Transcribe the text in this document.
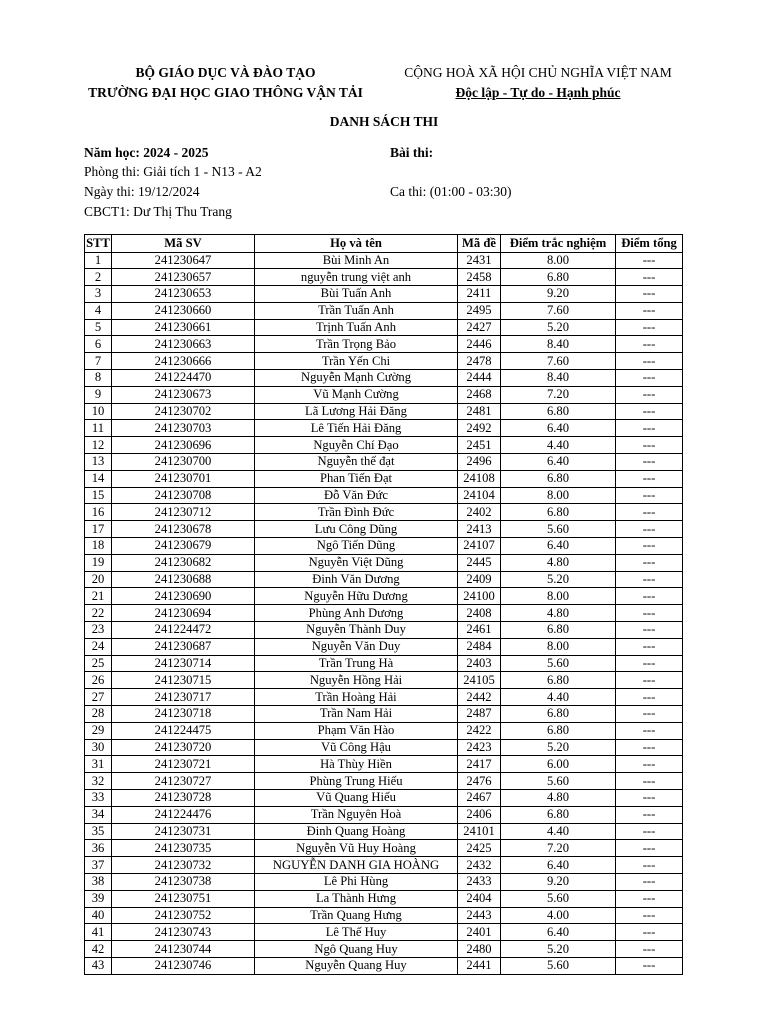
BỘ GIÁO DỤC VÀ ĐÀO TẠO
TRƯỜNG ĐẠI HỌC GIAO THÔNG VẬN TẢI
CỘNG HOÀ XÃ HỘI CHỦ NGHĨA VIỆT NAM
Độc lập - Tự do - Hạnh phúc
DANH SÁCH THI
Năm học: 2024 - 2025	Bài thi:
Phòng thi: Giải tích 1 - N13 - A2
Ngày thi: 19/12/2024	Ca thi: (01:00 - 03:30)
CBCT1: Dư Thị Thu Trang
STT	Mã SV	Họ và tên	Mã đề	Điểm trắc nghiệm	Điểm tổng
1	241230647	Bùi Minh An	2431	8.00	---
2	241230657	nguyễn trung việt anh	2458	6.80	---
3	241230653	Bùi Tuấn Anh	2411	9.20	---
4	241230660	Trần Tuấn Anh	2495	7.60	---
5	241230661	Trịnh Tuấn Anh	2427	5.20	---
6	241230663	Trần Trọng Bảo	2446	8.40	---
7	241230666	Trần Yến Chi	2478	7.60	---
8	241224470	Nguyễn Mạnh Cường	2444	8.40	---
9	241230673	Vũ Mạnh Cường	2468	7.20	---
10	241230702	Lã Lương Hải Đăng	2481	6.80	---
11	241230703	Lê Tiến Hải Đăng	2492	6.40	---
12	241230696	Nguyễn Chí Đạo	2451	4.40	---
13	241230700	Nguyễn thế đạt	2496	6.40	---
14	241230701	Phan Tiến Đạt	24108	6.80	---
15	241230708	Đỗ Văn Đức	24104	8.00	---
16	241230712	Trần Đình Đức	2402	6.80	---
17	241230678	Lưu Công Dũng	2413	5.60	---
18	241230679	Ngô Tiến Dũng	24107	6.40	---
19	241230682	Nguyễn Việt Dũng	2445	4.80	---
20	241230688	Đinh Văn Dương	2409	5.20	---
21	241230690	Nguyễn Hữu Dương	24100	8.00	---
22	241230694	Phùng Anh Dương	2408	4.80	---
23	241224472	Nguyễn Thành Duy	2461	6.80	---
24	241230687	Nguyễn Văn Duy	2484	8.00	---
25	241230714	Trần Trung Hà	2403	5.60	---
26	241230715	Nguyễn Hồng Hải	24105	6.80	---
27	241230717	Trần Hoàng Hải	2442	4.40	---
28	241230718	Trần Nam Hải	2487	6.80	---
29	241224475	Phạm Văn Hào	2422	6.80	---
30	241230720	Vũ Công Hậu	2423	5.20	---
31	241230721	Hà Thùy Hiền	2417	6.00	---
32	241230727	Phùng Trung Hiếu	2476	5.60	---
33	241230728	Vũ Quang Hiếu	2467	4.80	---
34	241224476	Trần Nguyên Hoà	2406	6.80	---
35	241230731	Đinh Quang Hoàng	24101	4.40	---
36	241230735	Nguyễn Vũ Huy Hoàng	2425	7.20	---
37	241230732	NGUYỄN DANH GIA HOÀNG	2432	6.40	---
38	241230738	Lê Phi Hùng	2433	9.20	---
39	241230751	La Thành Hưng	2404	5.60	---
40	241230752	Trần Quang Hưng	2443	4.00	---
41	241230743	Lê Thế Huy	2401	6.40	---
42	241230744	Ngô Quang Huy	2480	5.20	---
43	241230746	Nguyễn Quang Huy	2441	5.60	---
